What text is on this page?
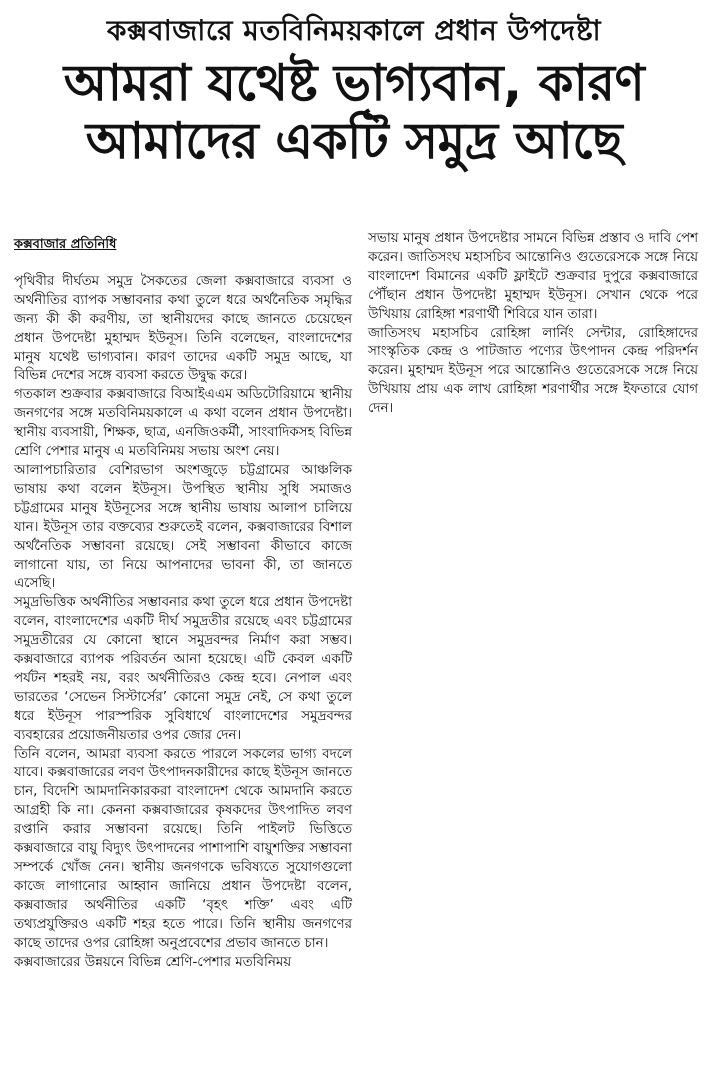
কক্সবাজারে মতবিনিময়কালে প্রধান উপদেষ্টা
আমরা যথেষ্ট ভাগ্যবান, কারণ
আমাদের একটি সমুদ্র আছে

কক্সবাজার প্রতিনিধি

পৃথিবীর দীর্ঘতম সমুদ্র সৈকতের জেলা কক্সবাজারে ব্যবসা ও অর্থনীতির ব্যাপক সম্ভাবনার কথা তুলে ধরে অর্থনৈতিক সমৃদ্ধির জন্য কী কী করণীয়, তা স্থানীয়দের কাছে জানতে চেয়েছেন প্রধান উপদেষ্টা মুহাম্মদ ইউনূস। তিনি বলেছেন, বাংলাদেশের মানুষ যথেষ্ট ভাগ্যবান। কারণ তাদের একটি সমুদ্র আছে, যা বিভিন্ন দেশের সঙ্গে ব্যবসা করতে উদ্বুদ্ধ করে।

গতকাল শুক্রবার কক্সবাজারে বিআইএএম অডিটোরিয়ামে স্থানীয় জনগণের সঙ্গে মতবিনিময়কালে এ কথা বলেন প্রধান উপদেষ্টা। স্থানীয় ব্যবসায়ী, শিক্ষক, ছাত্র, এনজিওকর্মী, সাংবাদিকসহ বিভিন্ন শ্রেণি পেশার মানুষ এ মতবিনিময় সভায় অংশ নেয়।

আলাপচারিতার বেশিরভাগ অংশজুড়ে চট্টগ্রামের আঞ্চলিক ভাষায় কথা বলেন ইউনূস। উপস্থিত স্থানীয় সুধি সমাজও চট্টগ্রামের মানুষ ইউনূসের সঙ্গে স্থানীয় ভাষায় আলাপ চালিয়ে যান। ইউনূস তার বক্তব্যের শুরুতেই বলেন, কক্সবাজারের বিশাল অর্থনৈতিক সম্ভাবনা রয়েছে। সেই সম্ভাবনা কীভাবে কাজে লাগানো যায়, তা নিয়ে আপনাদের ভাবনা কী, তা জানতে এসেছি।

সমুদ্রভিত্তিক অর্থনীতির সম্ভাবনার কথা তুলে ধরে প্রধান উপদেষ্টা বলেন, বাংলাদেশের একটি দীর্ঘ সমুদ্রতীর রয়েছে এবং চট্টগ্রামের সমুদ্রতীরের যে কোনো স্থানে সমুদ্রবন্দর নির্মাণ করা সম্ভব। কক্সবাজারে ব্যাপক পরিবর্তন আনা হয়েছে। এটি কেবল একটি পর্যটন শহরই নয়, বরং অর্থনীতিরও কেন্দ্র হবে। নেপাল এবং ভারতের ‘সেভেন সিস্টার্সের’ কোনো সমুদ্র নেই, সে কথা তুলে ধরে ইউনূস পারস্পরিক সুবিধার্থে বাংলাদেশের সমুদ্রবন্দর ব্যবহারের প্রয়োজনীয়তার ওপর জোর দেন।

তিনি বলেন, আমরা ব্যবসা করতে পারলে সকলের ভাগ্য বদলে যাবে। কক্সবাজারের লবণ উৎপাদনকারীদের কাছে ইউনূস জানতে চান, বিদেশি আমদানিকারকরা বাংলাদেশ থেকে আমদানি করতে আগ্রহী কি না। কেননা কক্সবাজারের কৃষকদের উৎপাদিত লবণ রপ্তানি করার সম্ভাবনা রয়েছে। তিনি পাইলট ভিত্তিতে কক্সবাজারে বায়ু বিদ্যুৎ উৎপাদনের পাশাপাশি বায়ুশক্তির সম্ভাবনা সম্পর্কে খোঁজ নেন। স্থানীয় জনগণকে ভবিষ্যতে সুযোগগুলো কাজে লাগানোর আহ্বান জানিয়ে প্রধান উপদেষ্টা বলেন, কক্সবাজার অর্থনীতির একটি ‘বৃহৎ শক্তি’ এবং এটি তথ্যপ্রযুক্তিরও একটি শহর হতে পারে। তিনি স্থানীয় জনগণের কাছে তাদের ওপর রোহিঙ্গা অনুপ্রবেশের প্রভাব জানতে চান।

কক্সবাজারের উন্নয়নে বিভিন্ন শ্রেণি-পেশার মতবিনিময়

সভায় মানুষ প্রধান উপদেষ্টার সামনে বিভিন্ন প্রস্তাব ও দাবি পেশ করেন। জাতিসংঘ মহাসচিব আন্তোনিও গুতেরেসকে সঙ্গে নিয়ে বাংলাদেশ বিমানের একটি ফ্লাইটে শুক্রবার দুপুরে কক্সবাজারে পৌঁছান প্রধান উপদেষ্টা মুহাম্মদ ইউনূস। সেখান থেকে পরে উখিয়ায় রোহিঙ্গা শরণার্থী শিবিরে যান তারা।

জাতিসংঘ মহাসচিব রোহিঙ্গা লার্নিং সেন্টার, রোহিঙ্গাদের সাংস্কৃতিক কেন্দ্র ও পাটজাত পণ্যের উৎপাদন কেন্দ্র পরিদর্শন করেন। মুহাম্মদ ইউনূস পরে আন্তোনিও গুতেরেসকে সঙ্গে নিয়ে উখিয়ায় প্রায় এক লাখ রোহিঙ্গা শরণার্থীর সঙ্গে ইফতারে যোগ দেন।
